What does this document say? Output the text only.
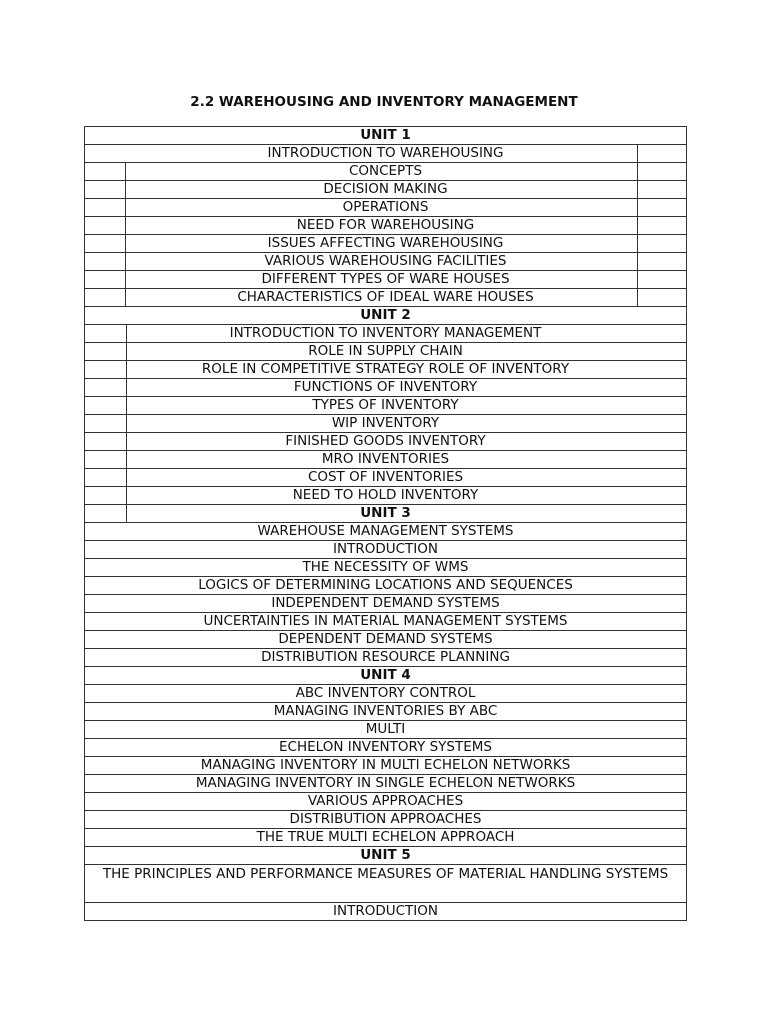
2.2 WAREHOUSING AND INVENTORY MANAGEMENT
UNIT 1
INTRODUCTION TO WAREHOUSING
CONCEPTS
DECISION MAKING
OPERATIONS
NEED FOR WAREHOUSING
ISSUES AFFECTING WAREHOUSING
VARIOUS WAREHOUSING FACILITIES
DIFFERENT TYPES OF WARE HOUSES
CHARACTERISTICS OF IDEAL WARE HOUSES
UNIT 2
INTRODUCTION TO INVENTORY MANAGEMENT
ROLE IN SUPPLY CHAIN
ROLE IN COMPETITIVE STRATEGY ROLE OF INVENTORY
FUNCTIONS OF INVENTORY
TYPES OF INVENTORY
WIP INVENTORY
FINISHED GOODS INVENTORY
MRO INVENTORIES
COST OF INVENTORIES
NEED TO HOLD INVENTORY
UNIT 3
WAREHOUSE MANAGEMENT SYSTEMS
INTRODUCTION
THE NECESSITY OF WMS
LOGICS OF DETERMINING LOCATIONS AND SEQUENCES
INDEPENDENT DEMAND SYSTEMS
UNCERTAINTIES IN MATERIAL MANAGEMENT SYSTEMS
DEPENDENT DEMAND SYSTEMS
DISTRIBUTION RESOURCE PLANNING
UNIT 4
ABC INVENTORY CONTROL
MANAGING INVENTORIES BY ABC
MULTI
ECHELON INVENTORY SYSTEMS
MANAGING INVENTORY IN MULTI ECHELON NETWORKS
MANAGING INVENTORY IN SINGLE ECHELON NETWORKS
VARIOUS APPROACHES
DISTRIBUTION APPROACHES
THE TRUE MULTI ECHELON APPROACH
UNIT 5
THE PRINCIPLES AND PERFORMANCE MEASURES OF MATERIAL HANDLING SYSTEMS
INTRODUCTION
